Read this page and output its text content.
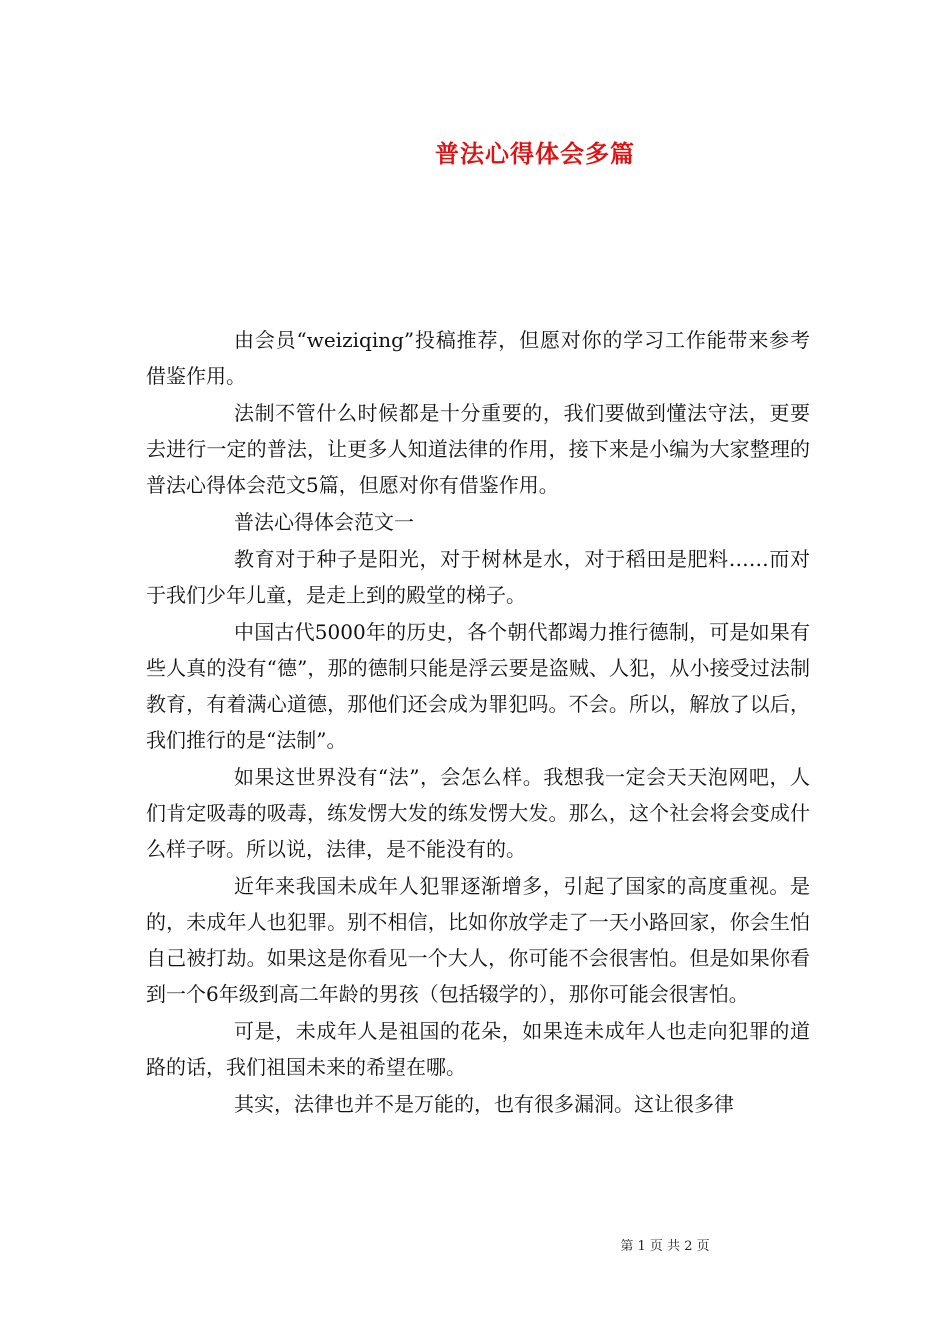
普法心得体会多篇

由会员“weiziqing”投稿推荐，但愿对你的学习工作能带来参考借鉴作用。

法制不管什么时候都是十分重要的，我们要做到懂法守法，更要去进行一定的普法，让更多人知道法律的作用，接下来是小编为大家整理的普法心得体会范文5篇，但愿对你有借鉴作用。

普法心得体会范文一

教育对于种子是阳光，对于树林是水，对于稻田是肥料……而对于我们少年儿童，是走上到的殿堂的梯子。

中国古代5000年的历史，各个朝代都竭力推行德制，可是如果有些人真的没有“德”，那的德制只能是浮云要是盗贼、人犯，从小接受过法制教育，有着满心道德，那他们还会成为罪犯吗。不会。所以，解放了以后，我们推行的是“法制”。

如果这世界没有“法”，会怎么样。我想我一定会天天泡网吧，人们肯定吸毒的吸毒，练发愣大发的练发愣大发。那么，这个社会将会变成什么样子呀。所以说，法律，是不能没有的。

近年来我国未成年人犯罪逐渐增多，引起了国家的高度重视。是的，未成年人也犯罪。别不相信，比如你放学走了一天小路回家，你会生怕自己被打劫。如果这是你看见一个大人，你可能不会很害怕。但是如果你看到一个6年级到高二年龄的男孩（包括辍学的），那你可能会很害怕。

可是，未成年人是祖国的花朵，如果连未成年人也走向犯罪的道路的话，我们祖国未来的希望在哪。

其实，法律也并不是万能的，也有很多漏洞。这让很多律

第 1 页 共 2 页
